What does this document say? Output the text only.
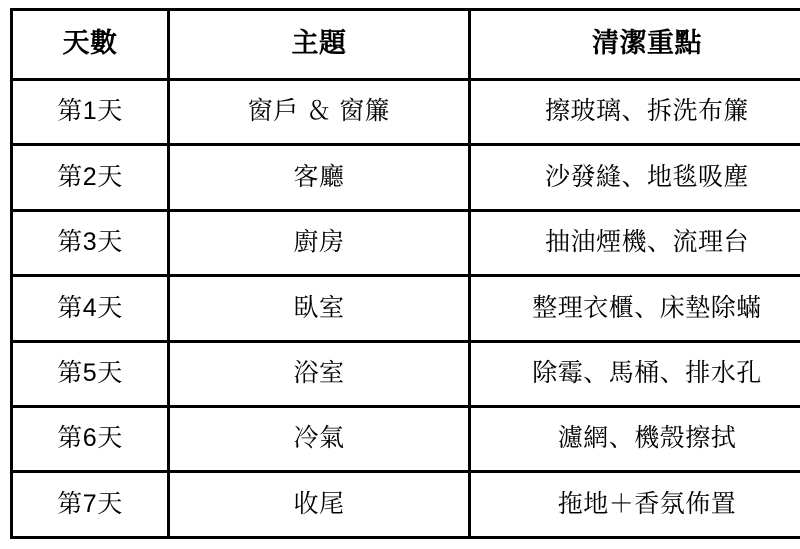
天數	主題	清潔重點
第1天	窗戶 ＆ 窗簾	擦玻璃、拆洗布簾
第2天	客廳	沙發縫、地毯吸塵
第3天	廚房	抽油煙機、流理台
第4天	臥室	整理衣櫃、床墊除蟎
第5天	浴室	除霉、馬桶、排水孔
第6天	冷氣	濾網、機殼擦拭
第7天	收尾	拖地＋香氛佈置
